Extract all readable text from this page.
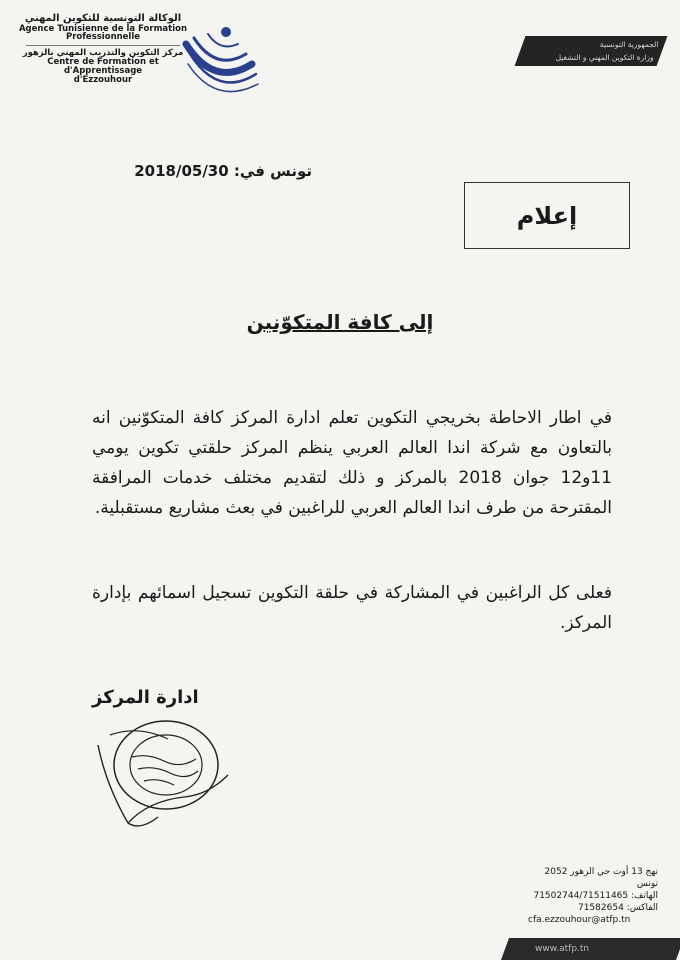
الوكالة التونسية للتكوين المهني
Agence Tunisienne de la Formation
Professionnelle
مركز التكوين والتدريب المهني بالزهور
Centre de Formation et d'Apprentissage
d'Ezzouhour
الجمهورية التونسية
وزارة التكوين المهني و التشغيل
تونس في: 2018/05/30
إعلام
إلى كافة المتكوّنين
في اطار الاحاطة بخريجي التكوين تعلم ادارة المركز كافة المتكوّنين انه بالتعاون مع شركة اندا العالم العربي ينظم المركز حلقتي تكوين يومي 11و12 جوان 2018 بالمركز و ذلك لتقديم مختلف خدمات المرافقة المقترحة من طرف اندا العالم العربي للراغبين في بعث مشاريع مستقبلية.
فعلى كل الراغبين في المشاركة في حلقة التكوين تسجيل اسمائهم بإدارة المركز.
ادارة المركز
نهج 13 أوت حي الزهور 2052 تونس
الهاتف: 71502744/71511465
الفاكس: 71582654
cfa.ezzouhour@atfp.tn
www.atfp.tn
